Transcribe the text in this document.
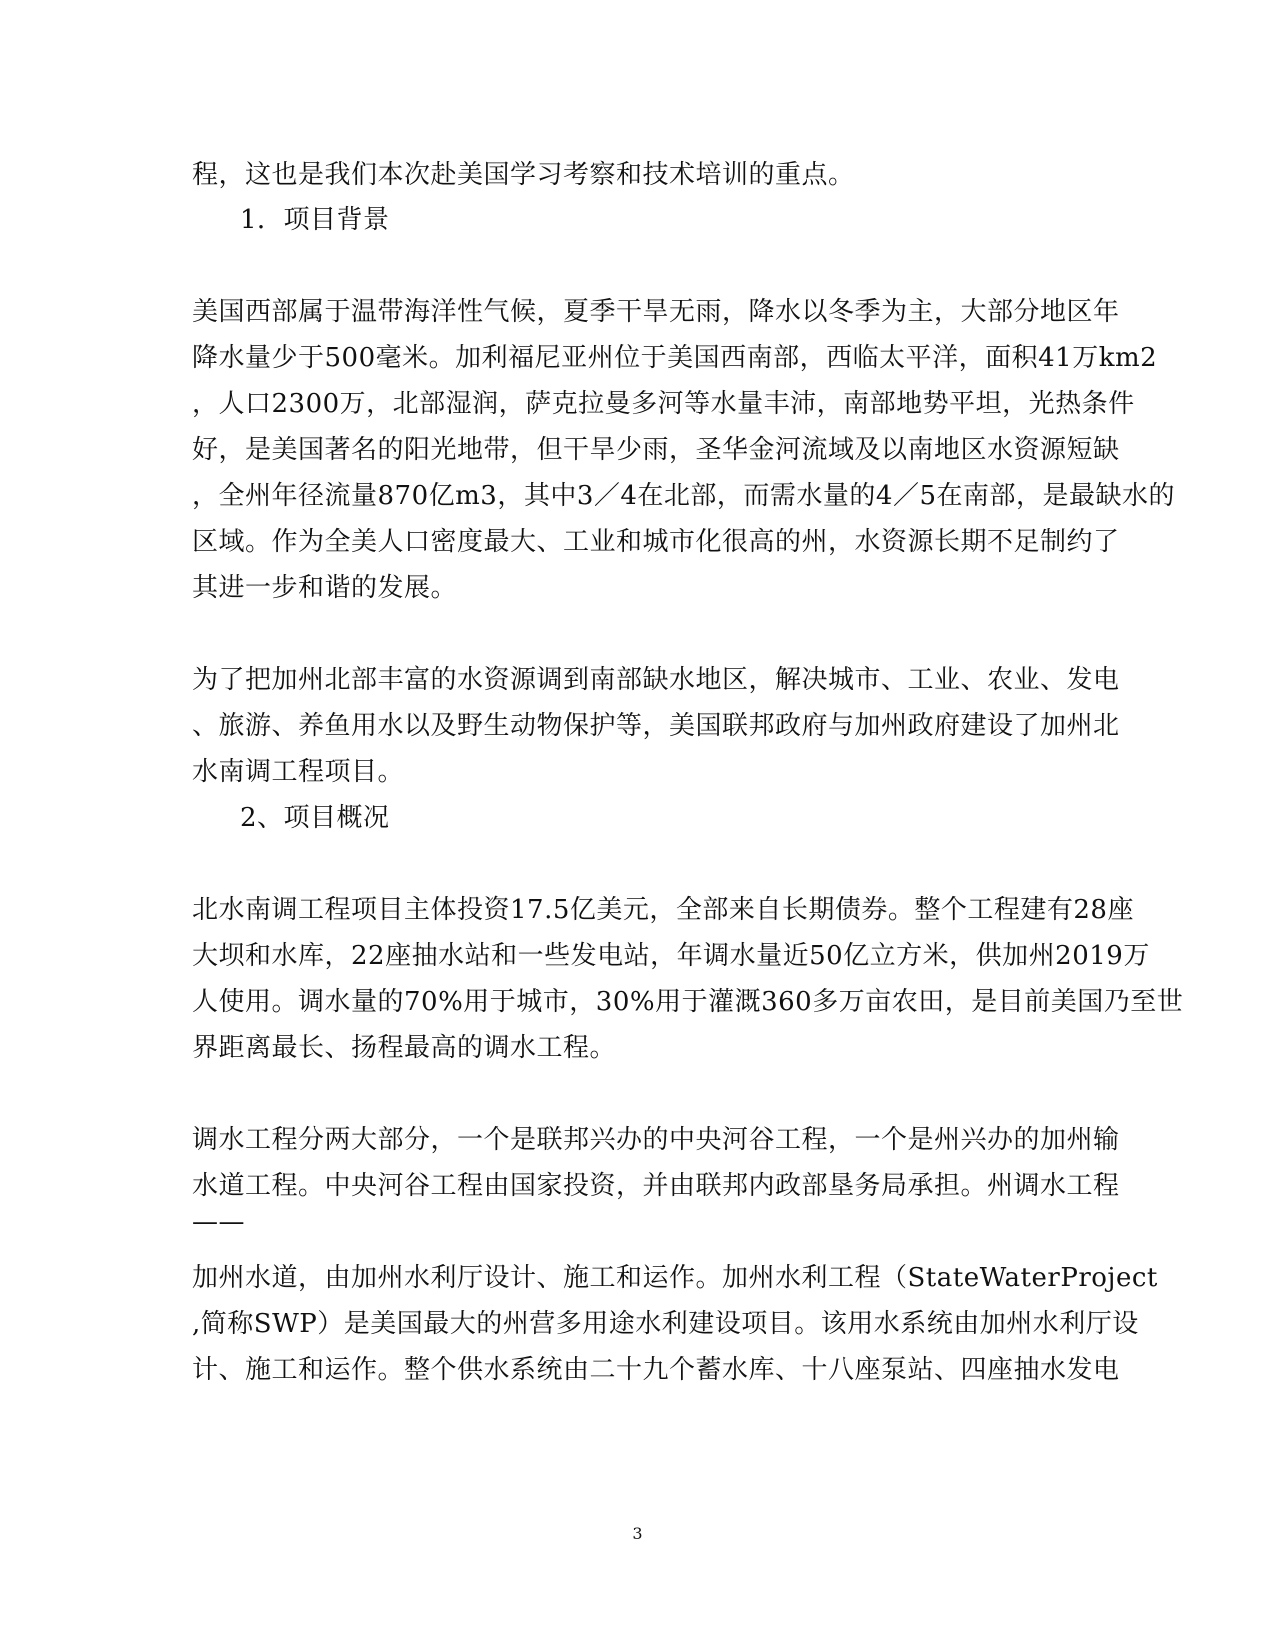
程，这也是我们本次赴美国学习考察和技术培训的重点。
1．项目背景
美国西部属于温带海洋性气候，夏季干旱无雨，降水以冬季为主，大部分地区年
降水量少于500毫米。加利福尼亚州位于美国西南部，西临太平洋，面积41万km2
，人口2300万，北部湿润，萨克拉曼多河等水量丰沛，南部地势平坦，光热条件
好，是美国著名的阳光地带，但干旱少雨，圣华金河流域及以南地区水资源短缺
，全州年径流量870亿m3，其中3／4在北部，而需水量的4／5在南部，是最缺水的
区域。作为全美人口密度最大、工业和城市化很高的州，水资源长期不足制约了
其进一步和谐的发展。
为了把加州北部丰富的水资源调到南部缺水地区，解决城市、工业、农业、发电
、旅游、养鱼用水以及野生动物保护等，美国联邦政府与加州政府建设了加州北
水南调工程项目。
2、项目概况
北水南调工程项目主体投资17.5亿美元，全部来自长期债券。整个工程建有28座
大坝和水库，22座抽水站和一些发电站，年调水量近50亿立方米，供加州2019万
人使用。调水量的70%用于城市，30%用于灌溉360多万亩农田，是目前美国乃至世
界距离最长、扬程最高的调水工程。
调水工程分两大部分，一个是联邦兴办的中央河谷工程，一个是州兴办的加州输
水道工程。中央河谷工程由国家投资，并由联邦内政部垦务局承担。州调水工程
——
加州水道，由加州水利厅设计、施工和运作。加州水利工程（StateWaterProject
,简称SWP）是美国最大的州营多用途水利建设项目。该用水系统由加州水利厅设
计、施工和运作。整个供水系统由二十九个蓄水库、十八座泵站、四座抽水发电
3
